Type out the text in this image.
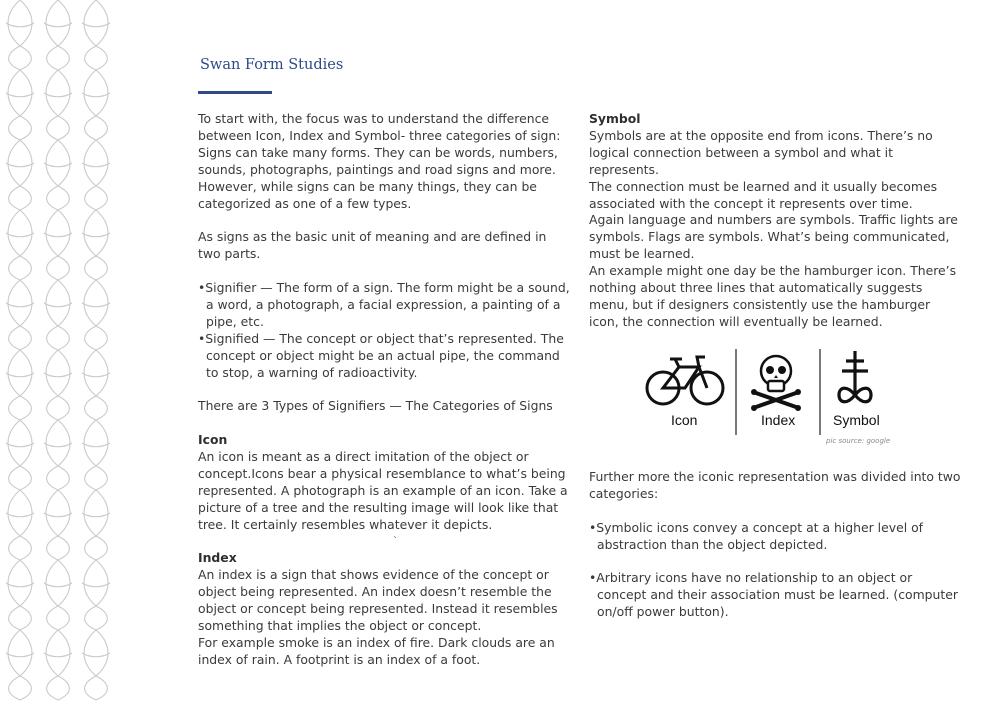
Swan Form Studies

To start with, the focus was to understand the difference between Icon, Index and Symbol- three categories of sign: Signs can take many forms. They can be words, numbers, sounds, photographs, paintings and road signs and more. However, while signs can be many things, they can be categorized as one of a few types.

As signs as the basic unit of meaning and are defined in two parts.

•Signifier — The form of a sign. The form might be a sound, a word, a photograph, a facial expression, a painting of a pipe, etc.

•Signified — The concept or object that’s represented. The concept or object might be an actual pipe, the command to stop, a warning of radioactivity.

There are 3 Types of Signifiers — The Categories of Signs

Icon

An icon is meant as a direct imitation of the object or concept.Icons bear a physical resemblance to what’s being represented. A photograph is an example of an icon. Take a picture of a tree and the resulting image will look like that tree. It certainly resembles whatever it depicts.

Index

An index is a sign that shows evidence of the concept or object being represented. An index doesn’t resemble the object or concept being represented. Instead it resembles something that implies the object or concept.

For example smoke is an index of fire. Dark clouds are an index of rain. A footprint is an index of a foot.

`

Symbol

Symbols are at the opposite end from icons. There’s no logical connection between a symbol and what it represents.

The connection must be learned and it usually becomes associated with the concept it represents over time.

Again language and numbers are symbols. Traffic lights are symbols. Flags are symbols. What’s being communicated, must be learned.

An example might one day be the hamburger icon. There’s nothing about three lines that automatically suggests menu, but if designers consistently use the hamburger icon, the connection will eventually be learned.

Icon	Index	Symbol
pic source: google

Further more the iconic representation was divided into two categories:

•Symbolic icons convey a concept at a higher level of abstraction than the object depicted.

•Arbitrary icons have no relationship to an object or concept and their association must be learned. (computer on/off power button).
